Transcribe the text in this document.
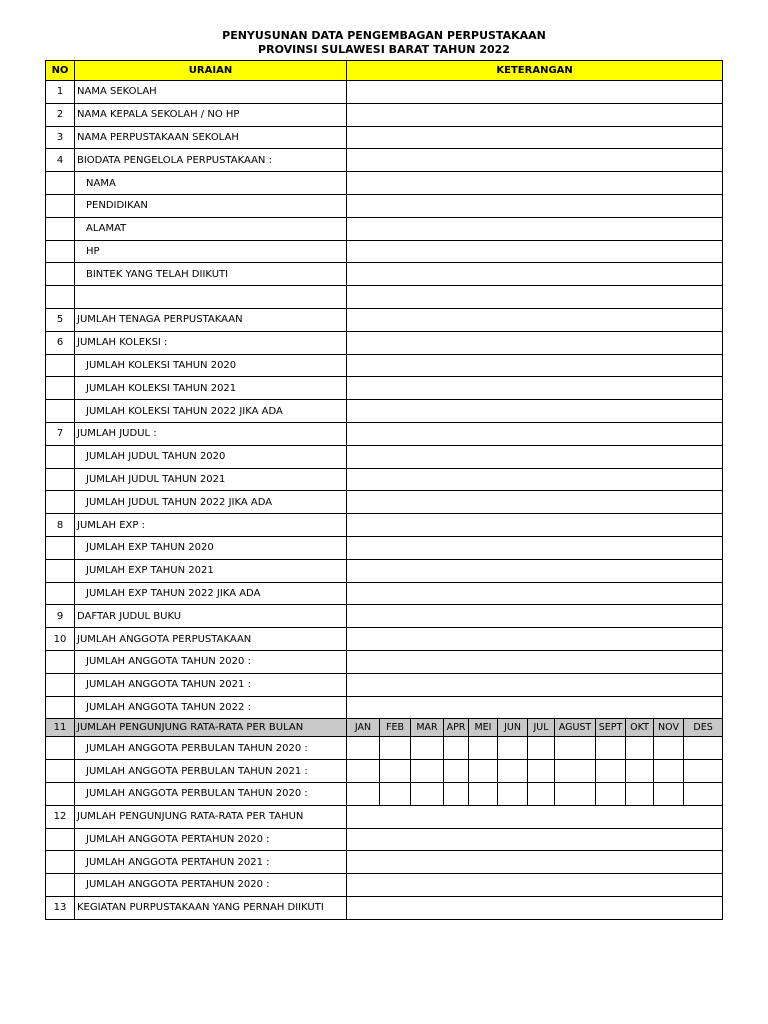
PENYUSUNAN DATA PENGEMBAGAN PERPUSTAKAAN
PROVINSI SULAWESI BARAT TAHUN 2022
NO	URAIAN	KETERANGAN											
1	NAMA SEKOLAH												
2	NAMA KEPALA SEKOLAH / NO HP												
3	NAMA PERPUSTAKAAN SEKOLAH												
4	BIODATA PENGELOLA PERPUSTAKAAN :												
	NAMA												
	PENDIDIKAN												
	ALAMAT												
	HP												
	BINTEK YANG TELAH DIIKUTI												

5	JUMLAH TENAGA PERPUSTAKAAN												
6	JUMLAH KOLEKSI :												
	JUMLAH KOLEKSI TAHUN 2020												
	JUMLAH KOLEKSI TAHUN 2021												
	JUMLAH KOLEKSI TAHUN 2022 JIKA ADA												
7	JUMLAH JUDUL :												
	JUMLAH JUDUL TAHUN 2020												
	JUMLAH JUDUL TAHUN 2021												
	JUMLAH JUDUL TAHUN 2022 JIKA ADA												
8	JUMLAH EXP :												
	JUMLAH EXP TAHUN 2020												
	JUMLAH EXP TAHUN 2021												
	JUMLAH EXP TAHUN 2022 JIKA ADA												
9	DAFTAR JUDUL BUKU												
10	JUMLAH ANGGOTA PERPUSTAKAAN												
	JUMLAH ANGGOTA TAHUN 2020 :												
	JUMLAH ANGGOTA TAHUN 2021 :												
	JUMLAH ANGGOTA TAHUN 2022 :												
11	JUMLAH PENGUNJUNG RATA-RATA PER BULAN	JAN	FEB	MAR	APR	MEI	JUN	JUL	AGUST	SEPT	OKT	NOV	DES
	JUMLAH ANGGOTA PERBULAN TAHUN 2020 :												
	JUMLAH ANGGOTA PERBULAN TAHUN 2021 :												
	JUMLAH ANGGOTA PERBULAN TAHUN 2020 :												
12	JUMLAH PENGUNJUNG RATA-RATA PER TAHUN												
	JUMLAH ANGGOTA PERTAHUN 2020 :												
	JUMLAH ANGGOTA PERTAHUN 2021 :												
	JUMLAH ANGGOTA PERTAHUN 2020 :												
13	KEGIATAN PURPUSTAKAAN YANG PERNAH DIIKUTI												
